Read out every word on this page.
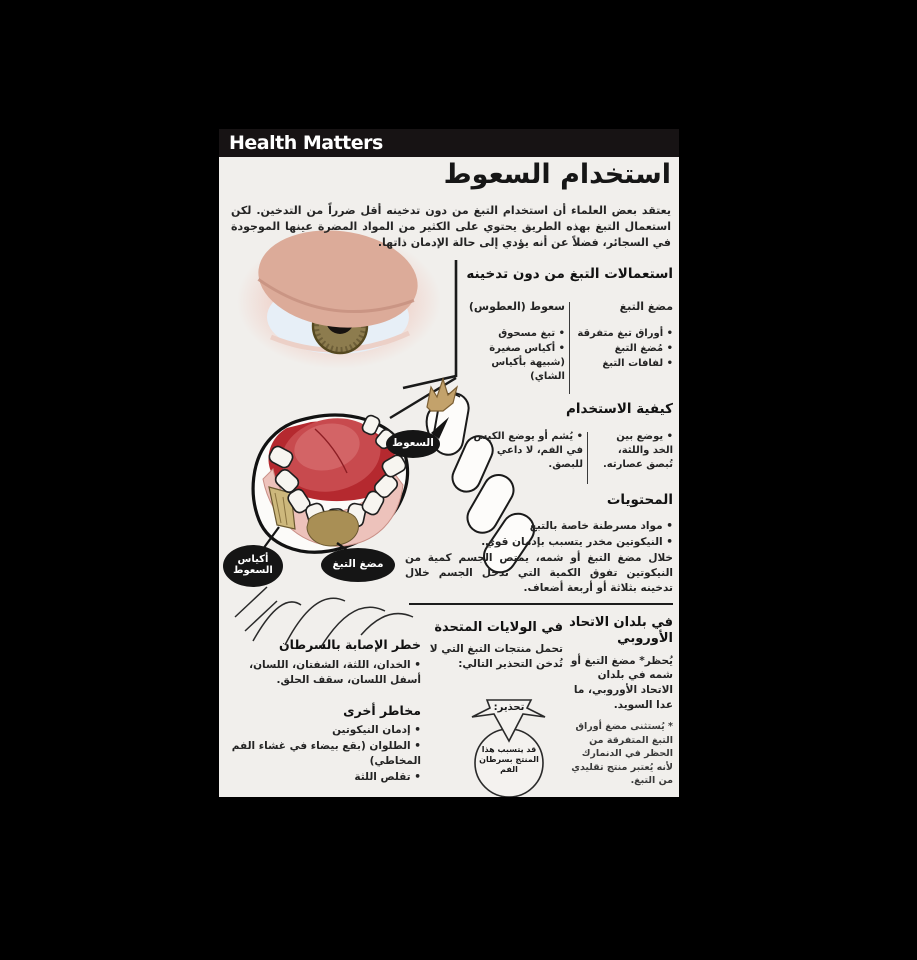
Health Matters
استخدام السعوط
يعتقد بعض العلماء أن استخدام التبغ من دون تدخينه أقل ضرراً من التدخين. لكن استعمال التبغ بهذه الطريق يحتوي على الكثير من المواد المضرة عينها الموجودة في السجائر، فضلاً عن أنه يؤدي إلى حالة الإدمان ذاتها.
استعمالات التبغ من دون تدخينه
مضغ التبغ
• أوراق تبغ متفرقة
• مُضغ التبغ
• لفافات التبغ
سعوط (العطوس)
• تبغ مسحوق
• أكياس صغيرة (شبيهة بأكياس الشاي)
كيفية الاستخدام
• يوضع بين الخد واللثة، تُبصق عصارته.
• يُشم أو يوضع الكيس في الفم، لا داعي للبصق.
المحتويات
• مواد مسرطنة خاصة بالتبغ
• النيكوتين مخدر يتسبب بإدمان قوي.
خلال مضغ التبغ أو شمه، يمتص الجسم كمية من النيكوتين تفوق الكمية التي تدخل الجسم خلال تدخينه بثلاثة أو أربعة أضعاف.
في بلدان الاتحاد الأوروبي
يُحظر* مضغ التبغ أو شمه في بلدان الاتحاد الأوروبي، ما عدا السويد.
* يُستثنى مضغ أوراق التبغ المتفرقة من الحظر في الدنمارك لأنه يُعتبر منتج تقليدي من التبغ.
في الولايات المتحدة
تحمل منتجات التبغ التي لا تُدخن التحذير التالي:
تحذير:
قد يتسبب هذا المنتج بسرطان الفم
خطر الإصابة بالسرطان
• الخدان، اللثة، الشفتان، اللسان، أسفل اللسان، سقف الحلق.
مخاطر أخرى
• إدمان النيكوتين
• الطلوان (بقع بيضاء في غشاء الفم المخاطي)
• تقلص اللثة
السعوط
أكياس السعوط
مضغ التبغ
